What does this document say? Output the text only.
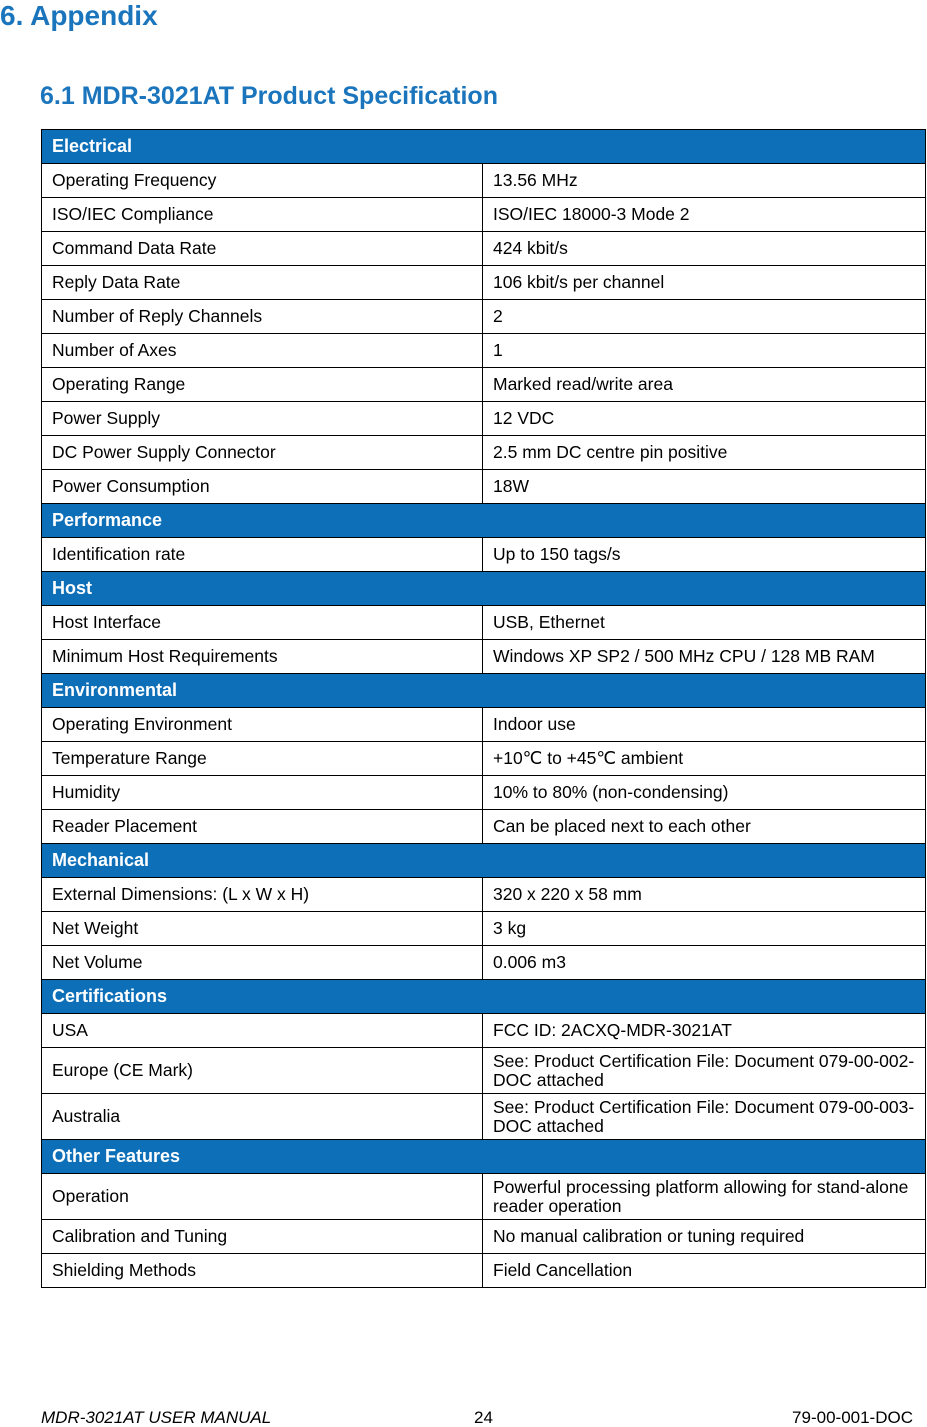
6. Appendix
6.1 MDR-3021AT Product Specification
Electrical	
Operating Frequency	13.56 MHz
ISO/IEC Compliance	ISO/IEC 18000-3 Mode 2
Command Data Rate	424 kbit/s
Reply Data Rate	106 kbit/s per channel
Number of Reply Channels	2
Number of Axes	1
Operating Range	Marked read/write area
Power Supply	12 VDC
DC Power Supply Connector	2.5 mm DC centre pin positive
Power Consumption	18W
Performance	
Identification rate	Up to 150 tags/s
Host	
Host Interface	USB, Ethernet
Minimum Host Requirements	Windows XP SP2 / 500 MHz CPU / 128 MB RAM
Environmental	
Operating Environment	Indoor use
Temperature Range	+10℃ to +45℃ ambient
Humidity	10% to 80% (non-condensing)
Reader Placement	Can be placed next to each other
Mechanical	
External Dimensions: (L x W x H)	320 x 220 x 58 mm
Net Weight	3 kg
Net Volume	0.006 m3
Certifications	
USA	FCC ID: 2ACXQ-MDR-3021AT
Europe (CE Mark)	See: Product Certification File: Document 079-00-002-DOC attached
Australia	See: Product Certification File: Document 079-00-003-DOC attached
Other Features	
Operation	Powerful processing platform allowing for stand-alone reader operation
Calibration and Tuning	No manual calibration or tuning required
Shielding Methods	Field Cancellation
MDR-3021AT USER MANUAL	24	79-00-001-DOC
